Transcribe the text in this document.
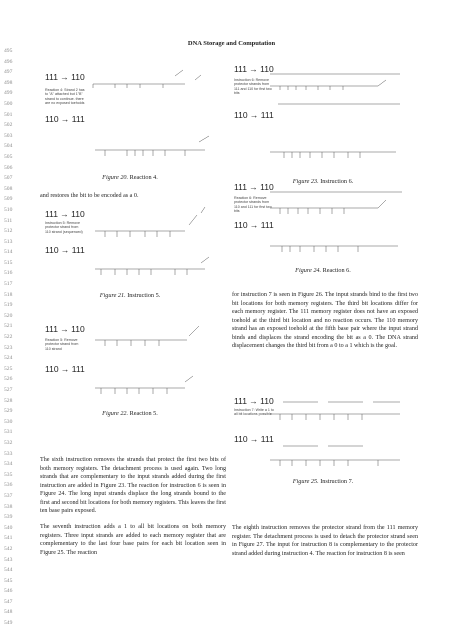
DNA Storage and Computation
495
496
497
498
499
500
501
502
503
504
505
506
507
508
509
510
511
512
513
514
515
516
517
518
519
520
521
522
523
524
525
526
527
528
529
530
531
532
533
534
535
536
537
538
539
540
541
542
543
544
545
546
547
548
549
111 → 110
Reaction 4: Strand 2 has to "A" attached but 1"B" strand to continue. there are no exposed toeholds
110 → 111
Figure 20. Reaction 4.
111 → 110
Instruction 6: Remove protector strands from 111 and 110 for first two bits
110 → 111
Figure 23. Instruction 6.
and restores the bit to be encoded as a 0.
111 → 110
Instruction 5: Remove protector strand from 110 strand (sequenced)
110 → 111
Figure 21. Instruction 5.
111 → 110
Reaction 6: Remove protector strands from 110 and 111 for first two bits
110 → 111
Figure 24. Reaction 6.
for instruction 7 is seen in Figure 26. The input strands bind to the first two bit locations for both memory registers. The third bit locations differ for each memory register. The 111 memory register does not have an exposed toehold at the third bit location and no reaction occurs. The 110 memory strand has an exposed toehold at the fifth base pair where the input strand binds and displaces the strand encoding the bit as a 0. The DNA strand displacement changes the third bit from a 0 to a 1 which is the goal.
111 → 110
Reaction 5: Remove protector strand from 110 strand
110 → 111
Figure 22. Reaction 5.
111 → 110
Instruction 7: Write a 1 to all bit locations possible
110 → 111
Figure 25. Instruction 7.
The sixth instruction removes the strands that protect the first two bits of both memory registers. The detachment process is used again. Two long strands that are complementary to the input strands added during the first instruction are added in Figure 23. The reaction for instruction 6 is seen in Figure 24. The long input strands displace the long strands bound to the first and second bit locations for both memory registers. This leaves the first ten base pairs exposed.
The seventh instruction adds a 1 to all bit locations on both memory registers. Three input strands are added to each memory register that are complementary to the last four base pairs for each bit location seen in Figure 25. The reaction
The eighth instruction removes the protector strand from the 111 memory register. The detachment process is used to detach the protector strand seen in Figure 27. The input for instruction 8 is complementary to the protector strand added during instruction 4. The reaction for instruction 8 is seen
